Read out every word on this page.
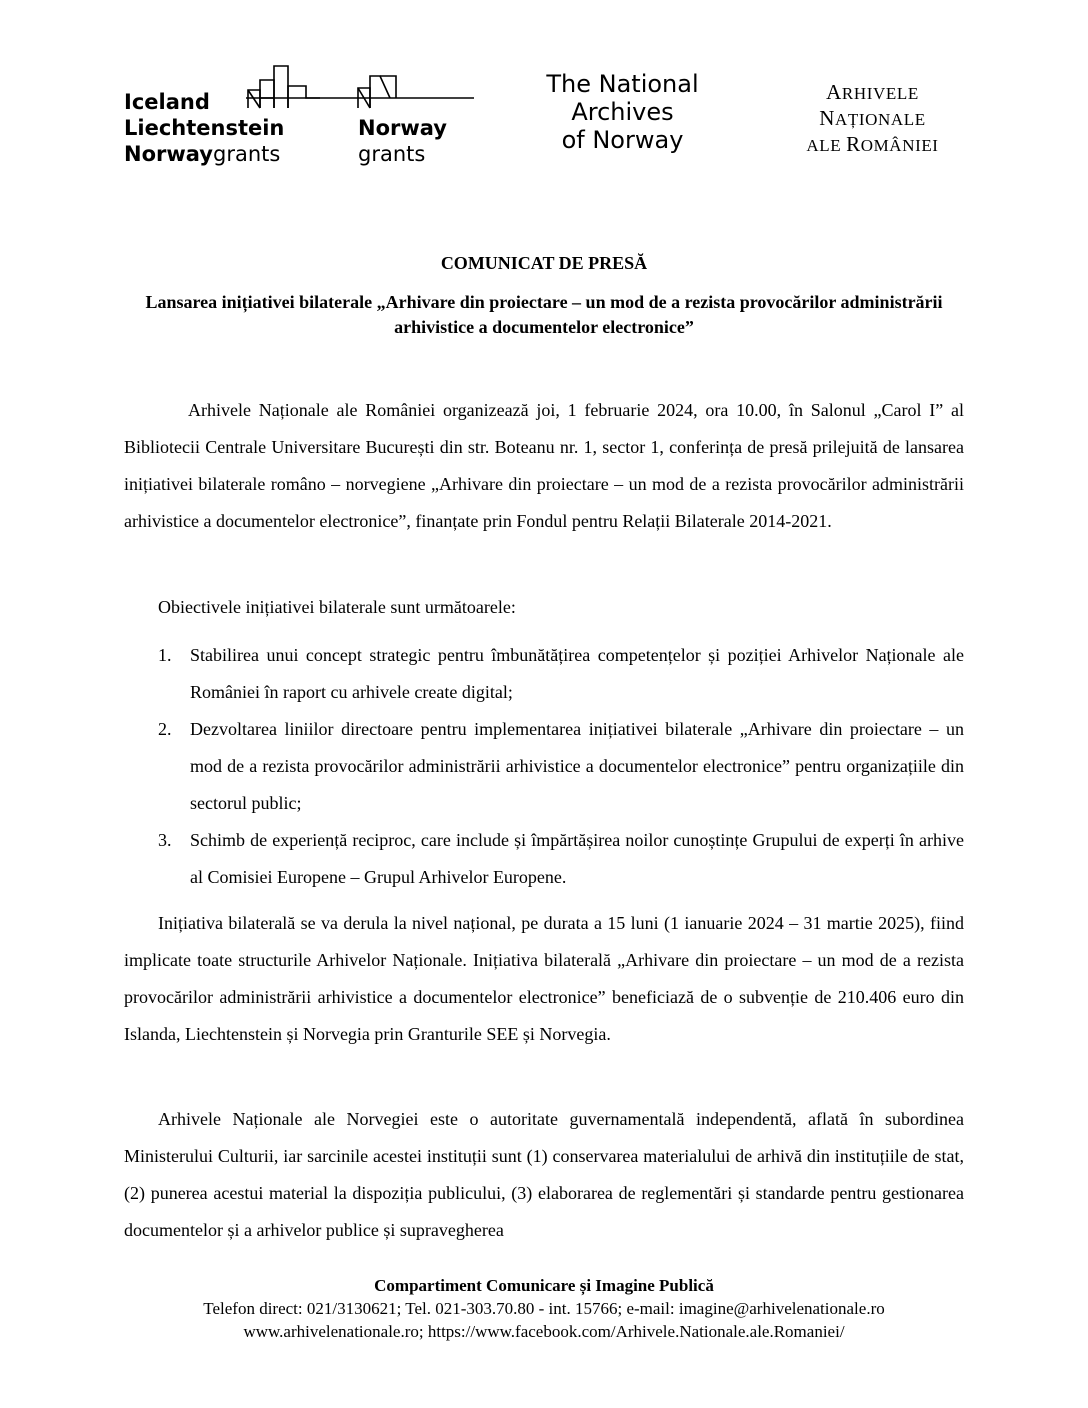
Iceland
Liechtenstein	Norway
Norwaygrants	grants
The National
Archives
of Norway
ARHIVELE
NAȚIONALE
ALE ROMÂNIEI
COMUNICAT DE PRESĂ
Lansarea inițiativei bilaterale „Arhivare din proiectare – un mod de a rezista provocărilor administrării arhivistice a documentelor electronice”
Arhivele Naționale ale României organizează joi, 1 februarie 2024, ora 10.00, în Salonul „Carol I” al Bibliotecii Centrale Universitare București din str. Boteanu nr. 1, sector 1, conferința de presă prilejuită de lansarea inițiativei bilaterale româno – norvegiene „Arhivare din proiectare – un mod de a rezista provocărilor administrării arhivistice a documentelor electronice”, finanțate prin Fondul pentru Relații Bilaterale 2014-2021.
Obiectivele inițiativei bilaterale sunt următoarele:
1. Stabilirea unui concept strategic pentru îmbunătățirea competențelor și poziției Arhivelor Naționale ale României în raport cu arhivele create digital;
2. Dezvoltarea liniilor directoare pentru implementarea inițiativei bilaterale „Arhivare din proiectare – un mod de a rezista provocărilor administrării arhivistice a documentelor electronice” pentru organizațiile din sectorul public;
3. Schimb de experiență reciproc, care include și împărtășirea noilor cunoștințe Grupului de experți în arhive al Comisiei Europene – Grupul Arhivelor Europene.
Inițiativa bilaterală se va derula la nivel național, pe durata a 15 luni (1 ianuarie 2024 – 31 martie 2025), fiind implicate toate structurile Arhivelor Naționale. Inițiativa bilaterală „Arhivare din proiectare – un mod de a rezista provocărilor administrării arhivistice a documentelor electronice” beneficiază de o subvenție de 210.406 euro din Islanda, Liechtenstein și Norvegia prin Granturile SEE și Norvegia.
Arhivele Naționale ale Norvegiei este o autoritate guvernamentală independentă, aflată în subordinea Ministerului Culturii, iar sarcinile acestei instituții sunt (1) conservarea materialului de arhivă din instituțiile de stat, (2) punerea acestui material la dispoziția publicului, (3) elaborarea de reglementări și standarde pentru gestionarea documentelor și a arhivelor publice și supravegherea
Compartiment Comunicare și Imagine Publică
Telefon direct: 021/3130621; Tel. 021-303.70.80 - int. 15766; e-mail: imagine@arhivelenationale.ro
www.arhivelenationale.ro; https://www.facebook.com/Arhivele.Nationale.ale.Romaniei/
